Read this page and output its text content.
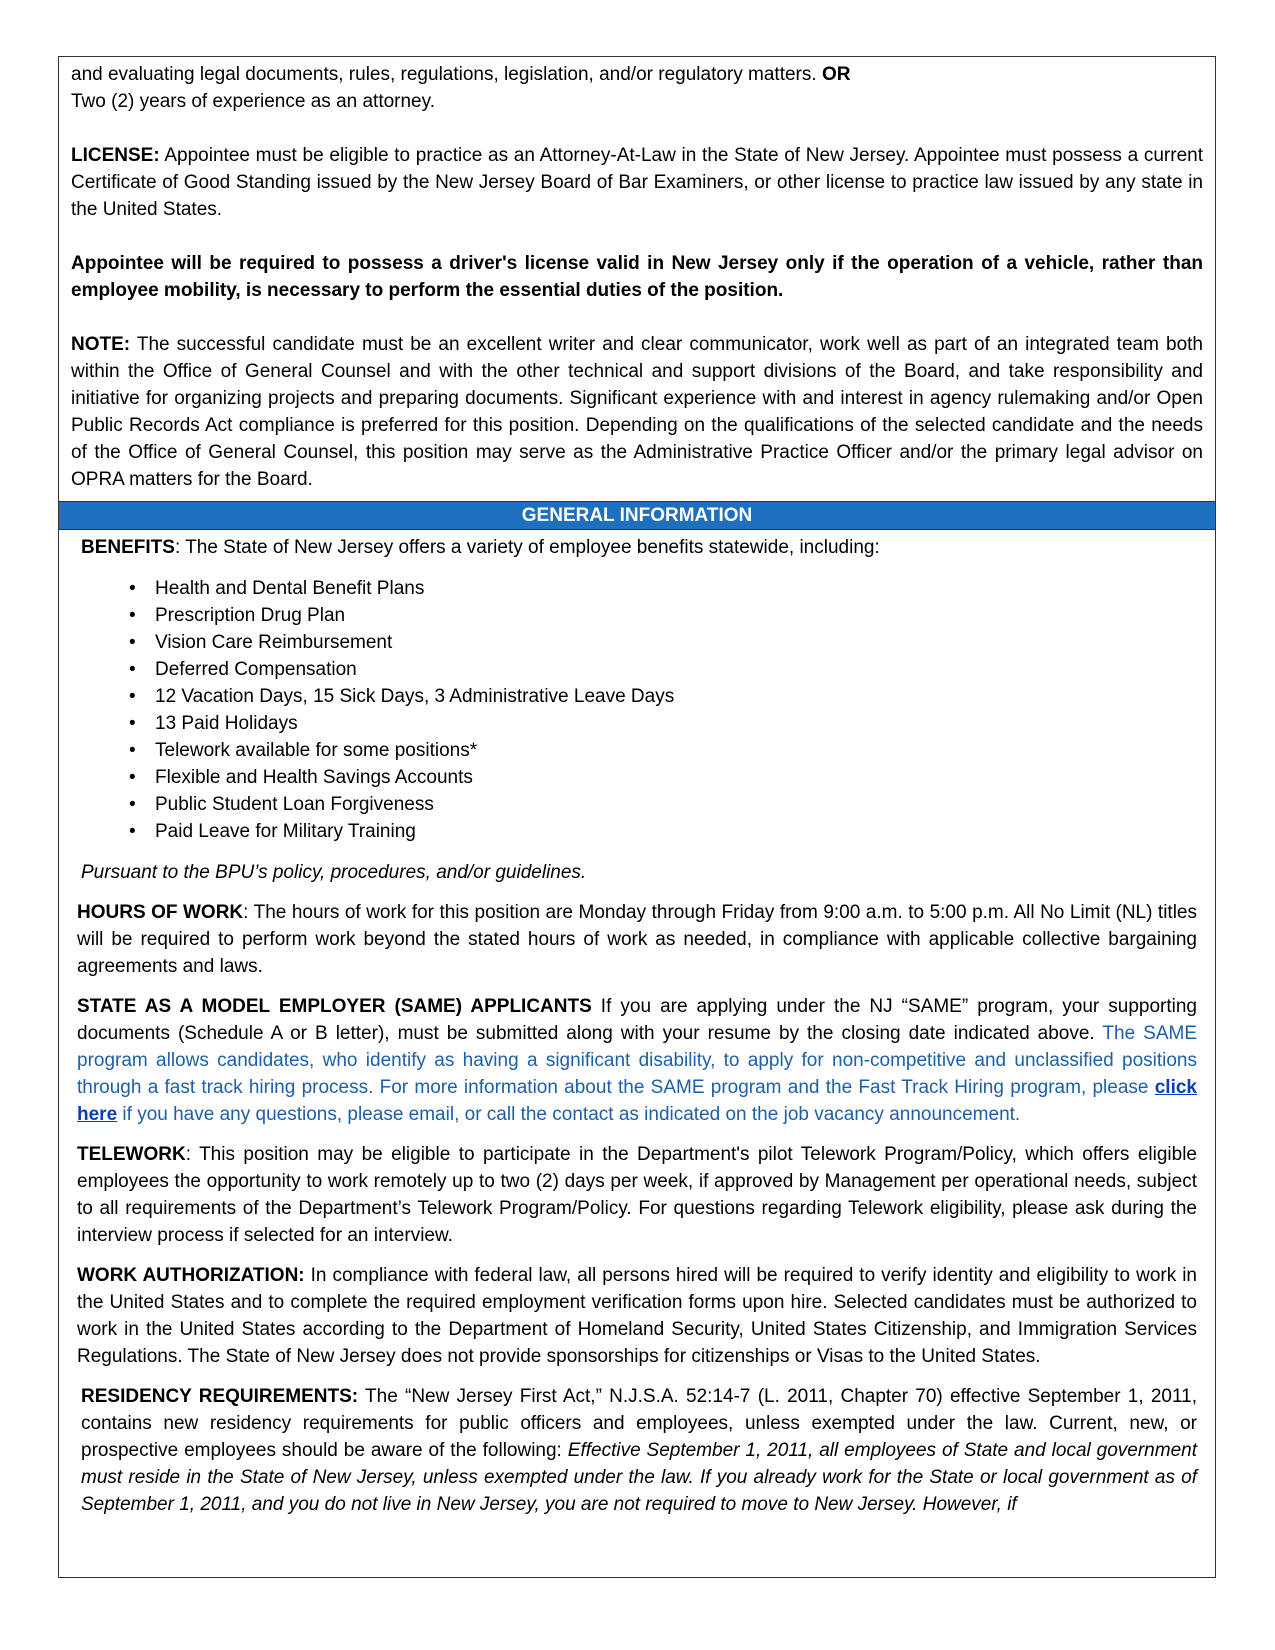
and evaluating legal documents, rules, regulations, legislation, and/or regulatory matters. OR

Two (2) years of experience as an attorney.

LICENSE: Appointee must be eligible to practice as an Attorney-At-Law in the State of New Jersey. Appointee must possess a current Certificate of Good Standing issued by the New Jersey Board of Bar Examiners, or other license to practice law issued by any state in the United States.

Appointee will be required to possess a driver's license valid in New Jersey only if the operation of a vehicle, rather than employee mobility, is necessary to perform the essential duties of the position.

NOTE: The successful candidate must be an excellent writer and clear communicator, work well as part of an integrated team both within the Office of General Counsel and with the other technical and support divisions of the Board, and take responsibility and initiative for organizing projects and preparing documents. Significant experience with and interest in agency rulemaking and/or Open Public Records Act compliance is preferred for this position. Depending on the qualifications of the selected candidate and the needs of the Office of General Counsel, this position may serve as the Administrative Practice Officer and/or the primary legal advisor on OPRA matters for the Board.

GENERAL INFORMATION

BENEFITS: The State of New Jersey offers a variety of employee benefits statewide, including:

• Health and Dental Benefit Plans
• Prescription Drug Plan
• Vision Care Reimbursement
• Deferred Compensation
• 12 Vacation Days, 15 Sick Days, 3 Administrative Leave Days
• 13 Paid Holidays
• Telework available for some positions*
• Flexible and Health Savings Accounts
• Public Student Loan Forgiveness
• Paid Leave for Military Training

Pursuant to the BPU’s policy, procedures, and/or guidelines.

HOURS OF WORK: The hours of work for this position are Monday through Friday from 9:00 a.m. to 5:00 p.m. All No Limit (NL) titles will be required to perform work beyond the stated hours of work as needed, in compliance with applicable collective bargaining agreements and laws.

STATE AS A MODEL EMPLOYER (SAME) APPLICANTS If you are applying under the NJ “SAME” program, your supporting documents (Schedule A or B letter), must be submitted along with your resume by the closing date indicated above. The SAME program allows candidates, who identify as having a significant disability, to apply for non-competitive and unclassified positions through a fast track hiring process. For more information about the SAME program and the Fast Track Hiring program, please click here if you have any questions, please email, or call the contact as indicated on the job vacancy announcement.

TELEWORK: This position may be eligible to participate in the Department's pilot Telework Program/Policy, which offers eligible employees the opportunity to work remotely up to two (2) days per week, if approved by Management per operational needs, subject to all requirements of the Department’s Telework Program/Policy. For questions regarding Telework eligibility, please ask during the interview process if selected for an interview.

WORK AUTHORIZATION: In compliance with federal law, all persons hired will be required to verify identity and eligibility to work in the United States and to complete the required employment verification forms upon hire. Selected candidates must be authorized to work in the United States according to the Department of Homeland Security, United States Citizenship, and Immigration Services Regulations. The State of New Jersey does not provide sponsorships for citizenships or Visas to the United States.

RESIDENCY REQUIREMENTS: The “New Jersey First Act,” N.J.S.A. 52:14-7 (L. 2011, Chapter 70) effective September 1, 2011, contains new residency requirements for public officers and employees, unless exempted under the law. Current, new, or prospective employees should be aware of the following: Effective September 1, 2011, all employees of State and local government must reside in the State of New Jersey, unless exempted under the law. If you already work for the State or local government as of September 1, 2011, and you do not live in New Jersey, you are not required to move to New Jersey. However, if
